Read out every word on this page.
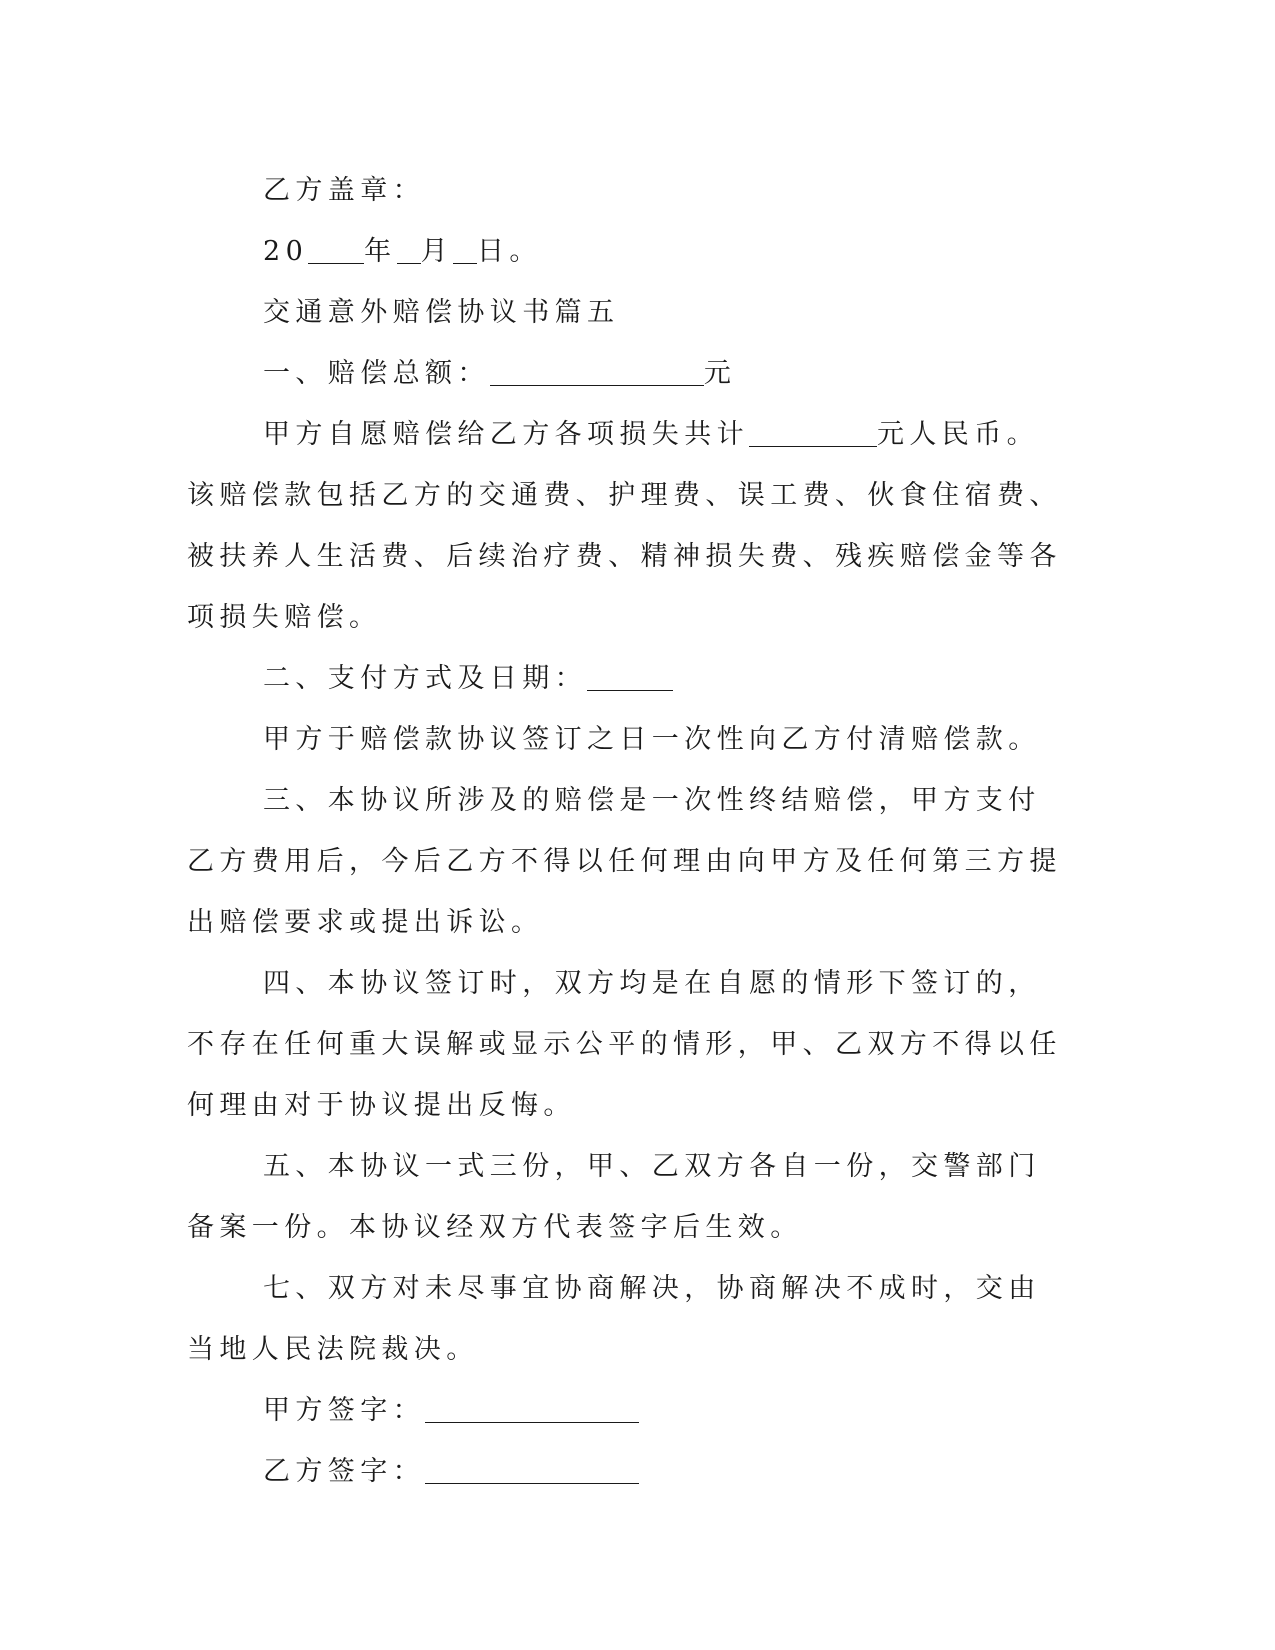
乙方盖章：

20 年 月 日。

交通意外赔偿协议书篇五

一、赔偿总额：	元

甲方自愿赔偿给乙方各项损失共计	元人民币。该赔偿款包括乙方的交通费、护理费、误工费、伙食住宿费、被扶养人生活费、后续治疗费、精神损失费、残疾赔偿金等各项损失赔偿。

二、支付方式及日期：

甲方于赔偿款协议签订之日一次性向乙方付清赔偿款。

三、本协议所涉及的赔偿是一次性终结赔偿，甲方支付乙方费用后，今后乙方不得以任何理由向甲方及任何第三方提出赔偿要求或提出诉讼。

四、本协议签订时，双方均是在自愿的情形下签订的，不存在任何重大误解或显示公平的情形，甲、乙双方不得以任何理由对于协议提出反悔。

五、本协议一式三份，甲、乙双方各自一份，交警部门备案一份。本协议经双方代表签字后生效。

七、双方对未尽事宜协商解决，协商解决不成时，交由当地人民法院裁决。

甲方签字：

乙方签字：
